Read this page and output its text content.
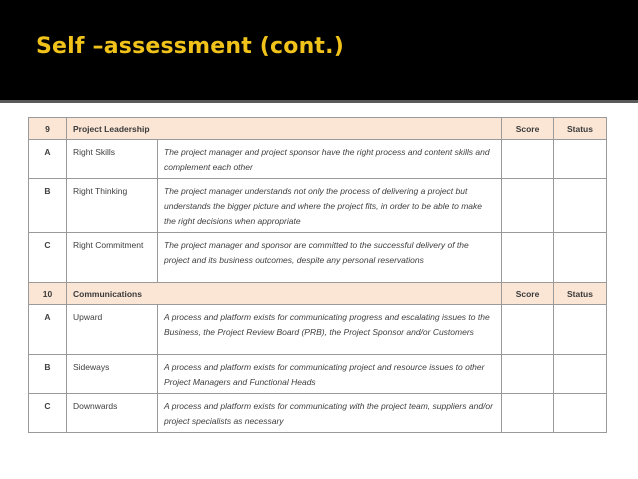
Self –assessment (cont.)
9	Project Leadership		Score	Status
A	Right Skills	The project manager and project sponsor have the right process and content skills and complement each other		
B	Right Thinking	The project manager understands not only the process of delivering a project but understands the bigger picture and where the project fits, in order to be able to make the right decisions when appropriate		
C	Right Commitment	The project manager and sponsor are committed to the successful delivery of the project and its business outcomes, despite any personal reservations		
10	Communications		Score	Status
A	Upward	A process and platform exists for communicating progress and escalating issues to the Business, the Project Review Board (PRB), the Project Sponsor and/or Customers		
B	Sideways	A process and platform exists for communicating project and resource issues to other Project Managers and Functional Heads		
C	Downwards	A process and platform exists for communicating with the project team, suppliers and/or project specialists as necessary		
